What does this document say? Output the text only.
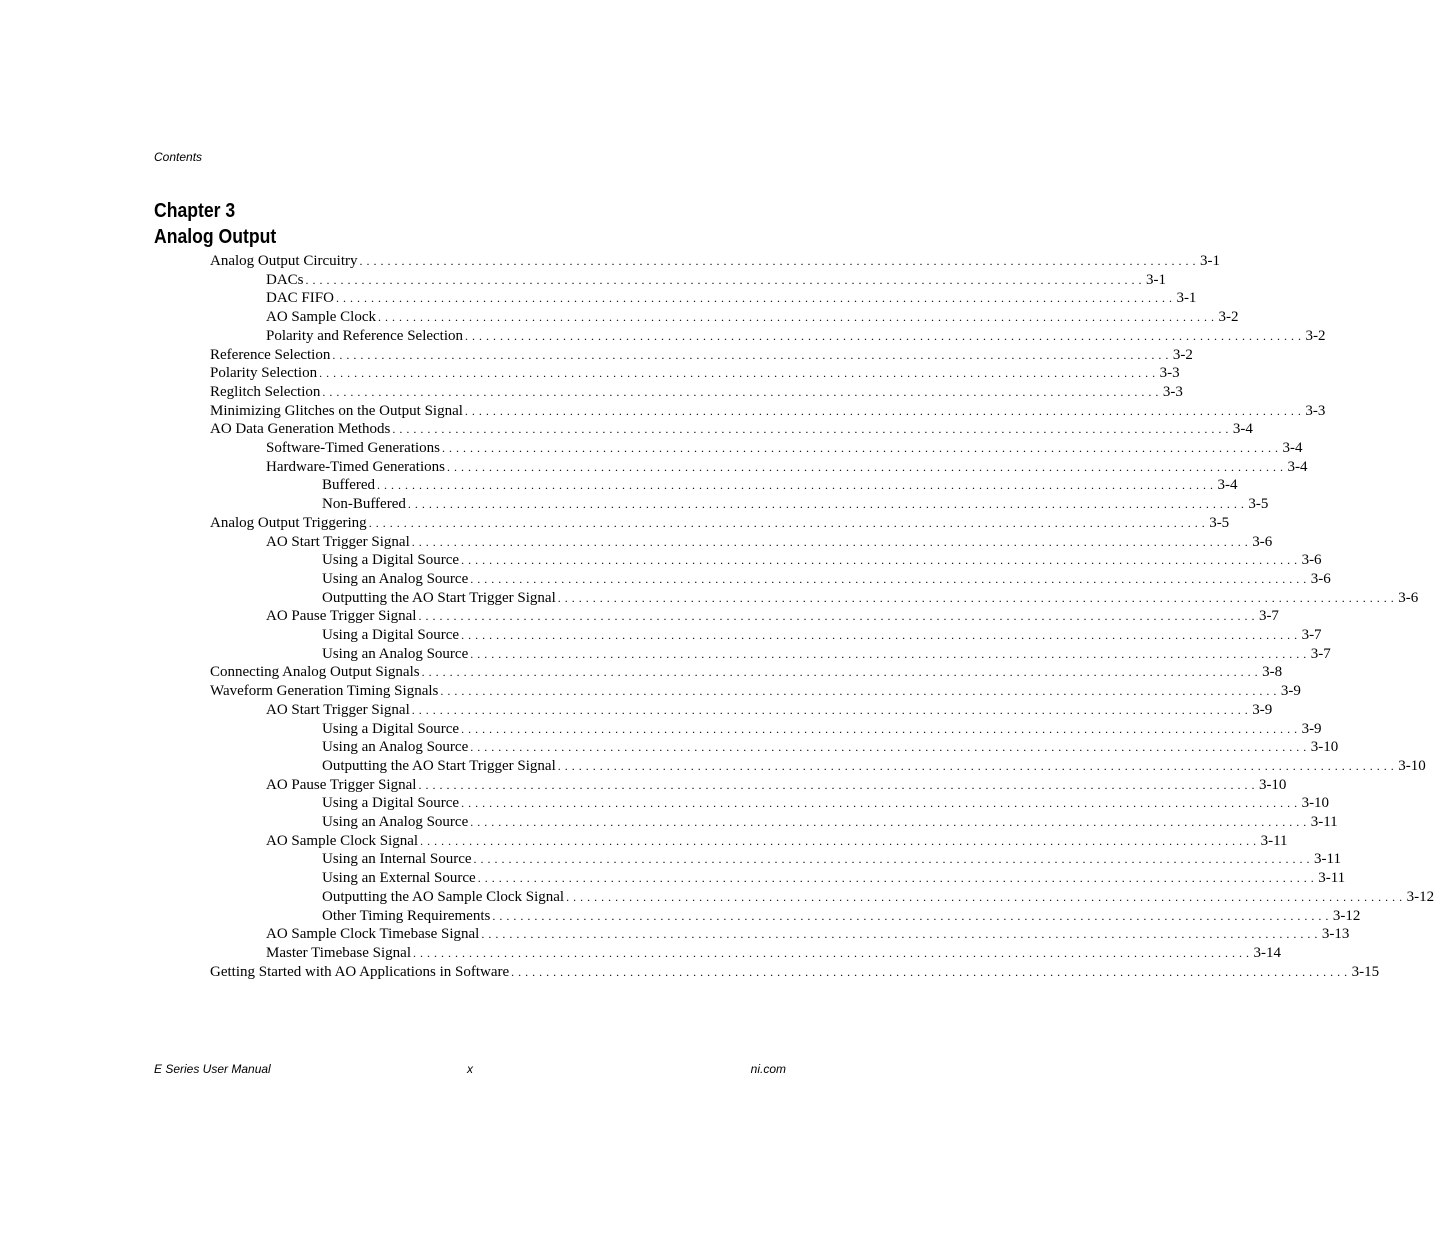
Contents
Chapter 3
Analog Output
Analog Output Circuitry . . . . . . . . . . . . . . . . . . . . . . . . . . . . . . . . . . . . . . . . . . . . . . . . . . . . . . . . . . . . . . . . . . . . . . . . . . . . . . . . . . . . . . . . . . . . . . . . . . . . . . . . . . . . . . . . . . . . . . . . 3-1
DACs . . . . . . . . . . . . . . . . . . . . . . . . . . . . . . . . . . . . . . . . . . . . . . . . . . . . . . . . . . . . . . . . . . . . . . . . . . . . . . . . . . . . . . . . . . . . . . . . . . . . . . . . . . . . . . . . . . . . . . . . 3-1
DAC FIFO . . . . . . . . . . . . . . . . . . . . . . . . . . . . . . . . . . . . . . . . . . . . . . . . . . . . . . . . . . . . . . . . . . . . . . . . . . . . . . . . . . . . . . . . . . . . . . . . . . . . . . . . . . . . . . . . . . . . . . . . 3-1
AO Sample Clock . . . . . . . . . . . . . . . . . . . . . . . . . . . . . . . . . . . . . . . . . . . . . . . . . . . . . . . . . . . . . . . . . . . . . . . . . . . . . . . . . . . . . . . . . . . . . . . . . . . . . . . . . . . . . . . . . . . . . . . . 3-2
Polarity and Reference Selection . . . . . . . . . . . . . . . . . . . . . . . . . . . . . . . . . . . . . . . . . . . . . . . . . . . . . . . . . . . . . . . . . . . . . . . . . . . . . . . . . . . . . . . . . . . . . . . . . . . . . . . . . . . . . . . . . . . . . . . . 3-2
Reference Selection . . . . . . . . . . . . . . . . . . . . . . . . . . . . . . . . . . . . . . . . . . . . . . . . . . . . . . . . . . . . . . . . . . . . . . . . . . . . . . . . . . . . . . . . . . . . . . . . . . . . . . . . . . . . . . . . . . . . . . . . 3-2
Polarity Selection . . . . . . . . . . . . . . . . . . . . . . . . . . . . . . . . . . . . . . . . . . . . . . . . . . . . . . . . . . . . . . . . . . . . . . . . . . . . . . . . . . . . . . . . . . . . . . . . . . . . . . . . . . . . . . . . . . . . . . . . 3-3
Reglitch Selection . . . . . . . . . . . . . . . . . . . . . . . . . . . . . . . . . . . . . . . . . . . . . . . . . . . . . . . . . . . . . . . . . . . . . . . . . . . . . . . . . . . . . . . . . . . . . . . . . . . . . . . . . . . . . . . . . . . . . . . . 3-3
Minimizing Glitches on the Output Signal . . . . . . . . . . . . . . . . . . . . . . . . . . . . . . . . . . . . . . . . . . . . . . . . . . . . . . . . . . . . . . . . . . . . . . . . . . . . . . . . . . . . . . . . . . . . . . . . . . . . . . . . . . . . . . . . . . . . . . . . 3-3
AO Data Generation Methods . . . . . . . . . . . . . . . . . . . . . . . . . . . . . . . . . . . . . . . . . . . . . . . . . . . . . . . . . . . . . . . . . . . . . . . . . . . . . . . . . . . . . . . . . . . . . . . . . . . . . . . . . . . . . . . . . . . . . . . . 3-4
Software-Timed Generations . . . . . . . . . . . . . . . . . . . . . . . . . . . . . . . . . . . . . . . . . . . . . . . . . . . . . . . . . . . . . . . . . . . . . . . . . . . . . . . . . . . . . . . . . . . . . . . . . . . . . . . . . . . . . . . . . . . . . . . . 3-4
Hardware-Timed Generations . . . . . . . . . . . . . . . . . . . . . . . . . . . . . . . . . . . . . . . . . . . . . . . . . . . . . . . . . . . . . . . . . . . . . . . . . . . . . . . . . . . . . . . . . . . . . . . . . . . . . . . . . . . . . . . . . . . . . . . . 3-4
Buffered . . . . . . . . . . . . . . . . . . . . . . . . . . . . . . . . . . . . . . . . . . . . . . . . . . . . . . . . . . . . . . . . . . . . . . . . . . . . . . . . . . . . . . . . . . . . . . . . . . . . . . . . . . . . . . . . . . . . . . . . 3-4
Non-Buffered . . . . . . . . . . . . . . . . . . . . . . . . . . . . . . . . . . . . . . . . . . . . . . . . . . . . . . . . . . . . . . . . . . . . . . . . . . . . . . . . . . . . . . . . . . . . . . . . . . . . . . . . . . . . . . . . . . . . . . . . 3-5
Analog Output Triggering . . . . . . . . . . . . . . . . . . . . . . . . . . . . . . . . . . . . . . . . . . . . . . . . . . . . . . . . . . . . . . . . . . . . . . . . . . . . . . . . . . . . . . . . . . . . . . . . . . . . . . . . . . . . . . . . . . . . . . . . 3-5
AO Start Trigger Signal . . . . . . . . . . . . . . . . . . . . . . . . . . . . . . . . . . . . . . . . . . . . . . . . . . . . . . . . . . . . . . . . . . . . . . . . . . . . . . . . . . . . . . . . . . . . . . . . . . . . . . . . . . . . . . . . . . . . . . . . 3-6
Using a Digital Source . . . . . . . . . . . . . . . . . . . . . . . . . . . . . . . . . . . . . . . . . . . . . . . . . . . . . . . . . . . . . . . . . . . . . . . . . . . . . . . . . . . . . . . . . . . . . . . . . . . . . . . . . . . . . . . . . . . . . . . . 3-6
Using an Analog Source . . . . . . . . . . . . . . . . . . . . . . . . . . . . . . . . . . . . . . . . . . . . . . . . . . . . . . . . . . . . . . . . . . . . . . . . . . . . . . . . . . . . . . . . . . . . . . . . . . . . . . . . . . . . . . . . . . . . . . . . 3-6
Outputting the AO Start Trigger Signal . . . . . . . . . . . . . . . . . . . . . . . . . . . . . . . . . . . . . . . . . . . . . . . . . . . . . . . . . . . . . . . . . . . . . . . . . . . . . . . . . . . . . . . . . . . . . . . . . . . . . . . . . . . . . . . . . . . . . . . . 3-6
AO Pause Trigger Signal . . . . . . . . . . . . . . . . . . . . . . . . . . . . . . . . . . . . . . . . . . . . . . . . . . . . . . . . . . . . . . . . . . . . . . . . . . . . . . . . . . . . . . . . . . . . . . . . . . . . . . . . . . . . . . . . . . . . . . . . 3-7
Using a Digital Source . . . . . . . . . . . . . . . . . . . . . . . . . . . . . . . . . . . . . . . . . . . . . . . . . . . . . . . . . . . . . . . . . . . . . . . . . . . . . . . . . . . . . . . . . . . . . . . . . . . . . . . . . . . . . . . . . . . . . . . . 3-7
Using an Analog Source . . . . . . . . . . . . . . . . . . . . . . . . . . . . . . . . . . . . . . . . . . . . . . . . . . . . . . . . . . . . . . . . . . . . . . . . . . . . . . . . . . . . . . . . . . . . . . . . . . . . . . . . . . . . . . . . . . . . . . . . 3-7
Connecting Analog Output Signals . . . . . . . . . . . . . . . . . . . . . . . . . . . . . . . . . . . . . . . . . . . . . . . . . . . . . . . . . . . . . . . . . . . . . . . . . . . . . . . . . . . . . . . . . . . . . . . . . . . . . . . . . . . . . . . . . . . . . . . . 3-8
Waveform Generation Timing Signals . . . . . . . . . . . . . . . . . . . . . . . . . . . . . . . . . . . . . . . . . . . . . . . . . . . . . . . . . . . . . . . . . . . . . . . . . . . . . . . . . . . . . . . . . . . . . . . . . . . . . . . . . . . . . . . . . . . . . . . . 3-9
AO Start Trigger Signal . . . . . . . . . . . . . . . . . . . . . . . . . . . . . . . . . . . . . . . . . . . . . . . . . . . . . . . . . . . . . . . . . . . . . . . . . . . . . . . . . . . . . . . . . . . . . . . . . . . . . . . . . . . . . . . . . . . . . . . . 3-9
Using a Digital Source . . . . . . . . . . . . . . . . . . . . . . . . . . . . . . . . . . . . . . . . . . . . . . . . . . . . . . . . . . . . . . . . . . . . . . . . . . . . . . . . . . . . . . . . . . . . . . . . . . . . . . . . . . . . . . . . . . . . . . . . 3-9
Using an Analog Source . . . . . . . . . . . . . . . . . . . . . . . . . . . . . . . . . . . . . . . . . . . . . . . . . . . . . . . . . . . . . . . . . . . . . . . . . . . . . . . . . . . . . . . . . . . . . . . . . . . . . . . . . . . . . . . . . . . . . . . . 3-10
Outputting the AO Start Trigger Signal . . . . . . . . . . . . . . . . . . . . . . . . . . . . . . . . . . . . . . . . . . . . . . . . . . . . . . . . . . . . . . . . . . . . . . . . . . . . . . . . . . . . . . . . . . . . . . . . . . . . . . . . . . . . . . . . . . . . . . . . 3-10
AO Pause Trigger Signal . . . . . . . . . . . . . . . . . . . . . . . . . . . . . . . . . . . . . . . . . . . . . . . . . . . . . . . . . . . . . . . . . . . . . . . . . . . . . . . . . . . . . . . . . . . . . . . . . . . . . . . . . . . . . . . . . . . . . . . . 3-10
Using a Digital Source . . . . . . . . . . . . . . . . . . . . . . . . . . . . . . . . . . . . . . . . . . . . . . . . . . . . . . . . . . . . . . . . . . . . . . . . . . . . . . . . . . . . . . . . . . . . . . . . . . . . . . . . . . . . . . . . . . . . . . . . 3-10
Using an Analog Source . . . . . . . . . . . . . . . . . . . . . . . . . . . . . . . . . . . . . . . . . . . . . . . . . . . . . . . . . . . . . . . . . . . . . . . . . . . . . . . . . . . . . . . . . . . . . . . . . . . . . . . . . . . . . . . . . . . . . . . . 3-11
AO Sample Clock Signal . . . . . . . . . . . . . . . . . . . . . . . . . . . . . . . . . . . . . . . . . . . . . . . . . . . . . . . . . . . . . . . . . . . . . . . . . . . . . . . . . . . . . . . . . . . . . . . . . . . . . . . . . . . . . . . . . . . . . . . . 3-11
Using an Internal Source . . . . . . . . . . . . . . . . . . . . . . . . . . . . . . . . . . . . . . . . . . . . . . . . . . . . . . . . . . . . . . . . . . . . . . . . . . . . . . . . . . . . . . . . . . . . . . . . . . . . . . . . . . . . . . . . . . . . . . . . 3-11
Using an External Source . . . . . . . . . . . . . . . . . . . . . . . . . . . . . . . . . . . . . . . . . . . . . . . . . . . . . . . . . . . . . . . . . . . . . . . . . . . . . . . . . . . . . . . . . . . . . . . . . . . . . . . . . . . . . . . . . . . . . . . . 3-11
Outputting the AO Sample Clock Signal . . . . . . . . . . . . . . . . . . . . . . . . . . . . . . . . . . . . . . . . . . . . . . . . . . . . . . . . . . . . . . . . . . . . . . . . . . . . . . . . . . . . . . . . . . . . . . . . . . . . . . . . . . . . . . . . . . . . . . . . 3-12
Other Timing Requirements . . . . . . . . . . . . . . . . . . . . . . . . . . . . . . . . . . . . . . . . . . . . . . . . . . . . . . . . . . . . . . . . . . . . . . . . . . . . . . . . . . . . . . . . . . . . . . . . . . . . . . . . . . . . . . . . . . . . . . . . 3-12
AO Sample Clock Timebase Signal . . . . . . . . . . . . . . . . . . . . . . . . . . . . . . . . . . . . . . . . . . . . . . . . . . . . . . . . . . . . . . . . . . . . . . . . . . . . . . . . . . . . . . . . . . . . . . . . . . . . . . . . . . . . . . . . . . . . . . . . 3-13
Master Timebase Signal . . . . . . . . . . . . . . . . . . . . . . . . . . . . . . . . . . . . . . . . . . . . . . . . . . . . . . . . . . . . . . . . . . . . . . . . . . . . . . . . . . . . . . . . . . . . . . . . . . . . . . . . . . . . . . . . . . . . . . . . 3-14
Getting Started with AO Applications in Software . . . . . . . . . . . . . . . . . . . . . . . . . . . . . . . . . . . . . . . . . . . . . . . . . . . . . . . . . . . . . . . . . . . . . . . . . . . . . . . . . . . . . . . . . . . . . . . . . . . . . . . . . . . . . . . . . . . . . . . . 3-15
E Series User Manual	x	ni.com
